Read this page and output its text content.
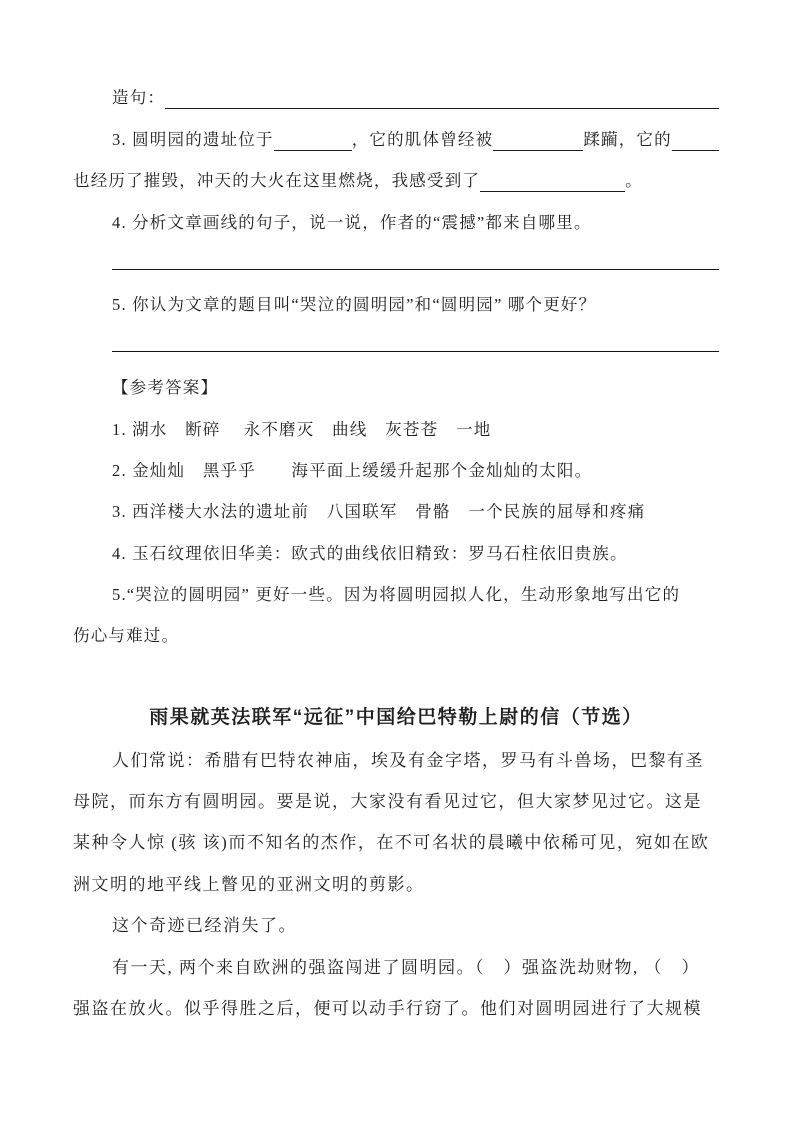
造句：
3. 圆明园的遗址位于	，它的肌体曾经被	蹂躏，它的
也经历了摧毁，冲天的大火在这里燃烧，我感受到了	。
4. 分析文章画线的句子，说一说，作者的“震撼”都来自哪里。
5. 你认为文章的题目叫“哭泣的圆明园”和“圆明园” 哪个更好？
【参考答案】
1. 湖水　断碎　 永不磨灭　曲线　灰苍苍　一地
2. 金灿灿　黑乎乎　　海平面上缓缓升起那个金灿灿的太阳。
3. 西洋楼大水法的遗址前　八国联军　骨骼　一个民族的屈辱和疼痛
4. 玉石纹理依旧华美：欧式的曲线依旧精致：罗马石柱依旧贵族。
5.“哭泣的圆明园” 更好一些。因为将圆明园拟人化，生动形象地写出它的
伤心与难过。
雨果就英法联军“远征”中国给巴特勒上尉的信（节选）
人们常说：希腊有巴特农神庙，埃及有金字塔，罗马有斗兽场，巴黎有圣
母院，而东方有圆明园。要是说，大家没有看见过它，但大家梦见过它。这是
某种令人惊 (骇 该)而不知名的杰作，在不可名状的晨曦中依稀可见，宛如在欧
洲文明的地平线上瞥见的亚洲文明的剪影。
这个奇迹已经消失了。
有一天, 两个来自欧洲的强盗闯进了圆明园。（　）强盗洗劫财物, （　）
强盗在放火。似乎得胜之后，便可以动手行窃了。他们对圆明园进行了大规模
